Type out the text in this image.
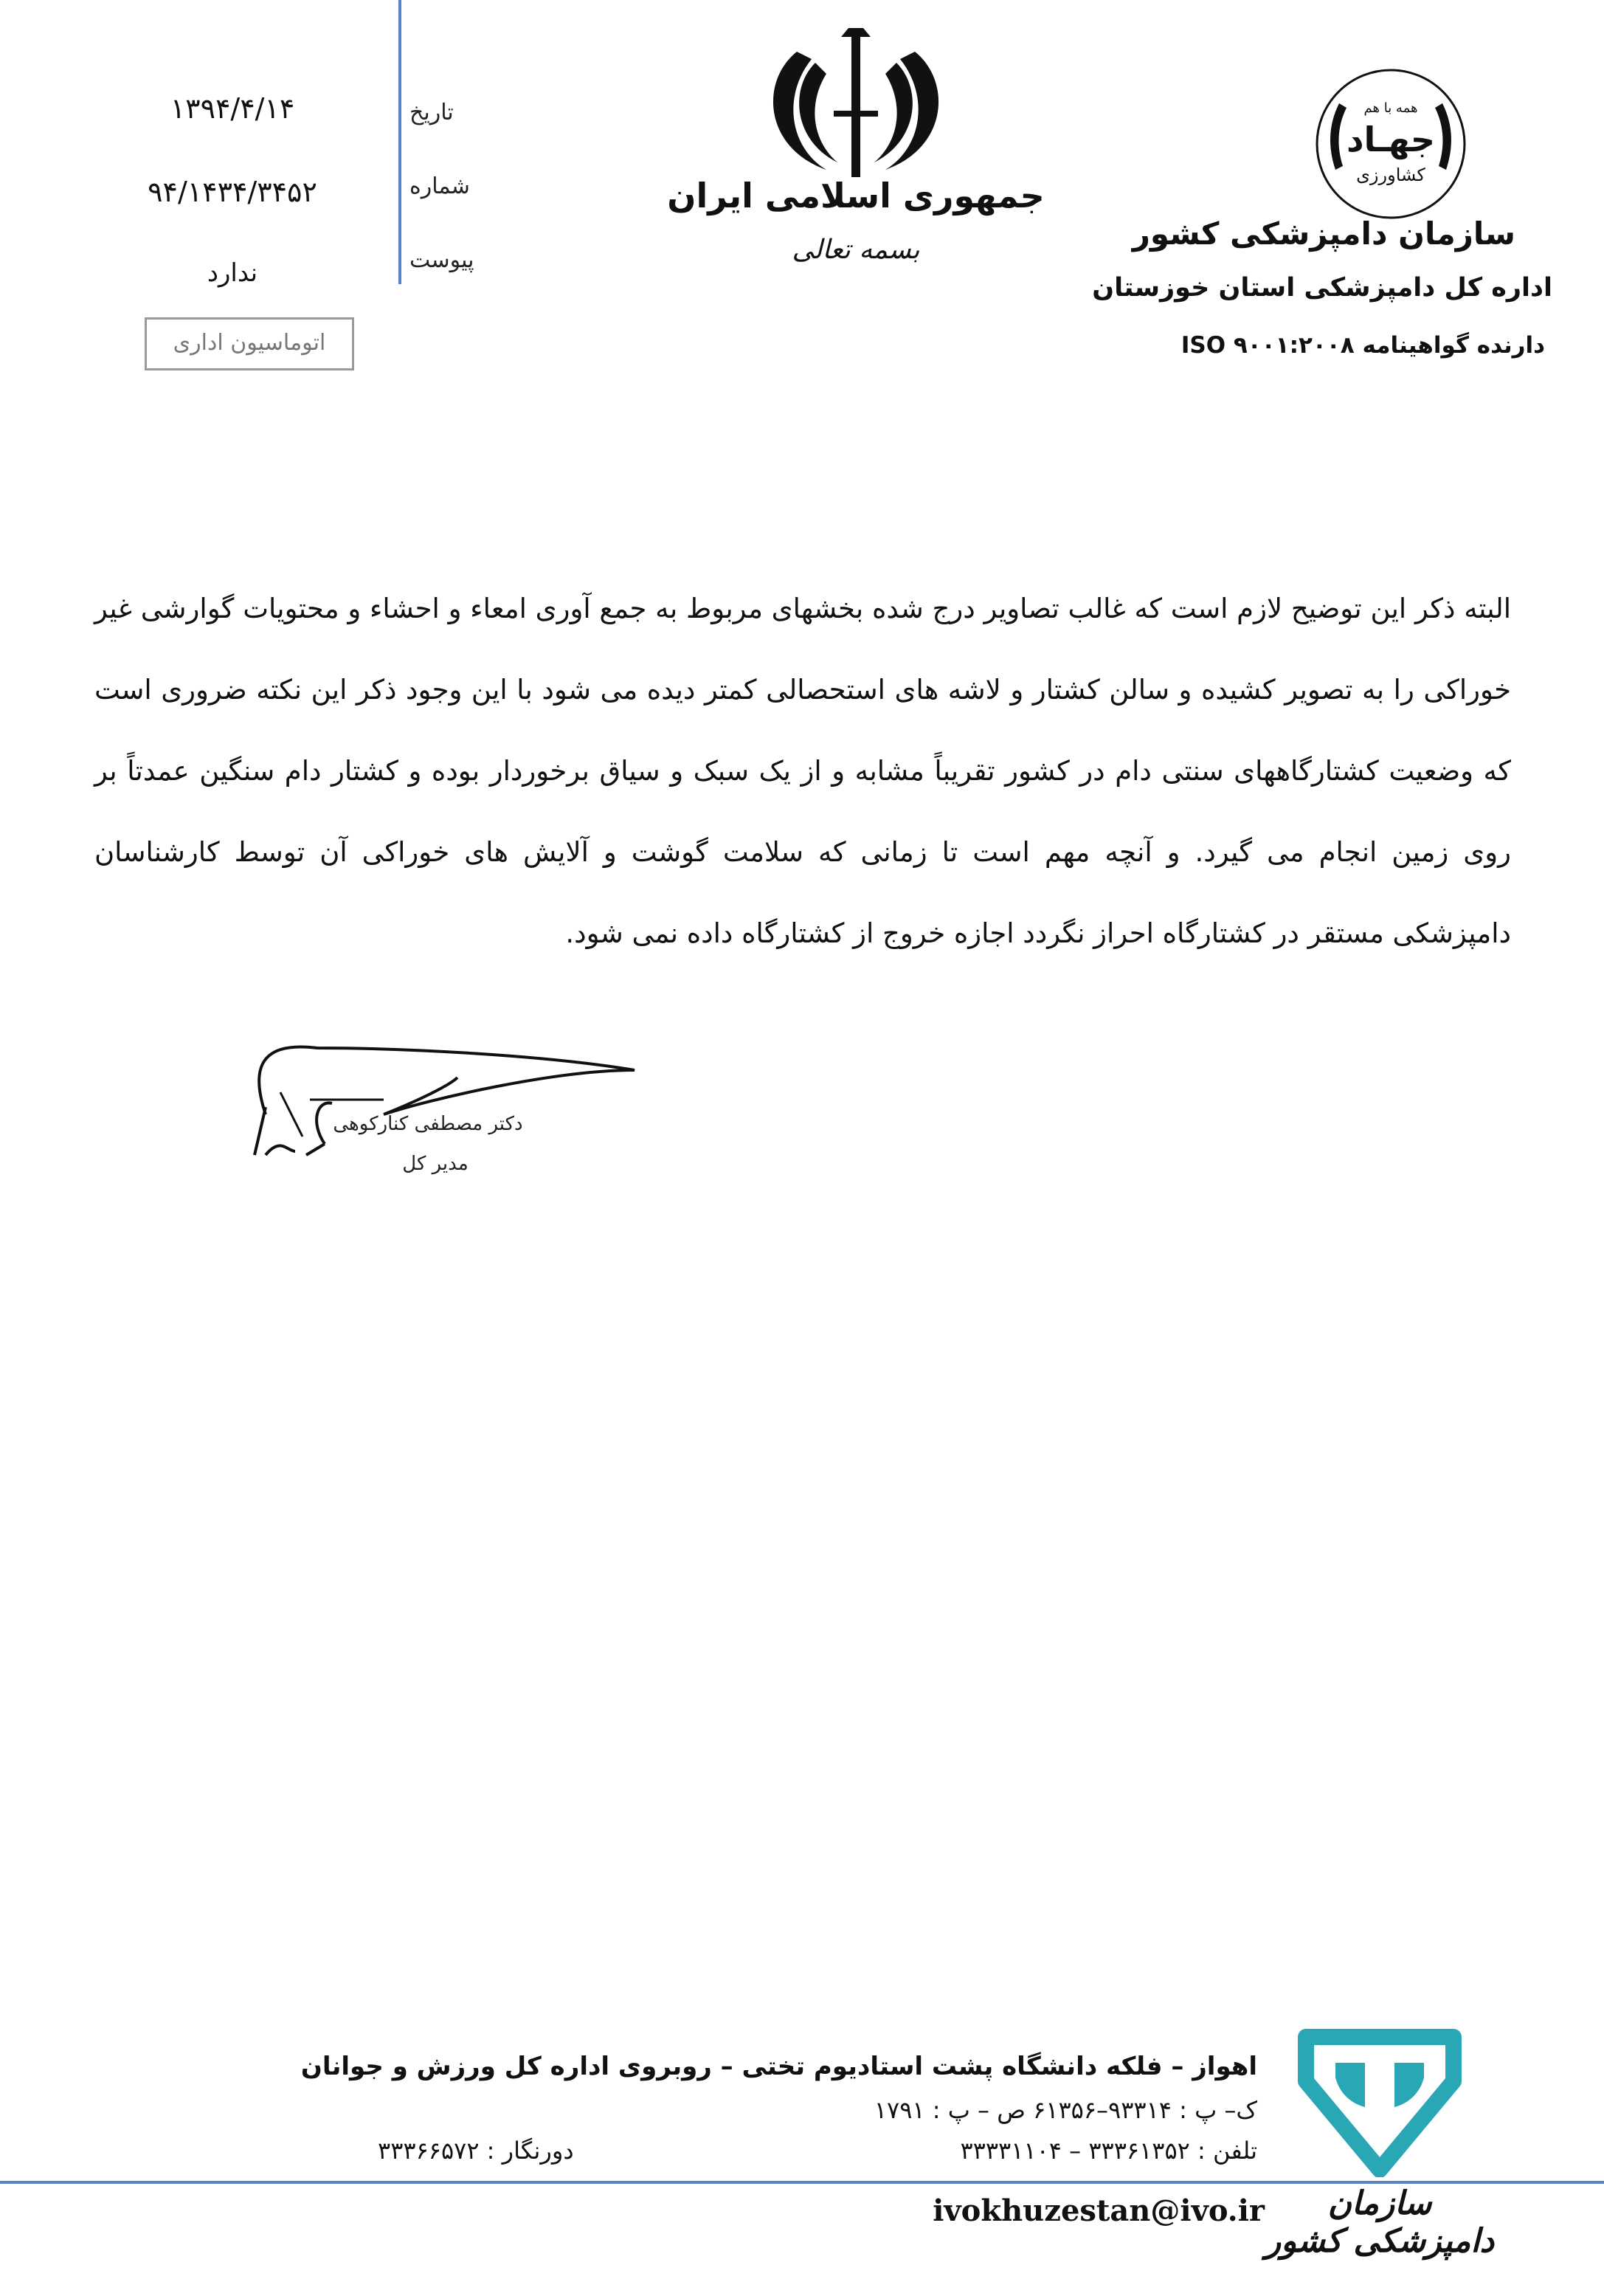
۱۳۹۴/۴/۱۴
۹۴/۱۴۳۴/۳۴۵۲
ندارد
تاریخ
شماره
پیوست
اتوماسیون اداری
جمهوری اسلامی ایران
بسمه تعالی
همه با هم
جهـاد
کشاورزی
سازمان دامپزشکی کشور
اداره کل دامپزشکی استان خوزستان
دارنده گواهینامه ISO ۹۰۰۱:۲۰۰۸

البته ذکر این توضیح لازم است که غالب تصاویر درج شده بخشهای مربوط به جمع آوری امعاء و احشاء و محتویات گوارشی غیر خوراکی را به تصویر کشیده و سالن کشتار و لاشه های استحصالی کمتر دیده می شود با این وجود ذکر این نکته ضروری است که وضعیت کشتارگاههای سنتی دام در کشور تقریباً مشابه و از یک سبک و سیاق برخوردار بوده و کشتار دام سنگین عمدتاً بر روی زمین انجام می گیرد. و آنچه مهم است تا زمانی که سلامت گوشت و آلایش های خوراکی آن توسط کارشناسان دامپزشکی مستقر در کشتارگاه احراز نگردد اجازه خروج از کشتارگاه داده نمی شود.

دکتر مصطفی کنارکوهی
مدیر کل
اهواز – فلکه دانشگاه پشت استادیوم تختی – روبروی اداره کل ورزش و جوانان
ک– پ : ۹۳۳۱۴–۶۱۳۵۶ ص – پ : ۱۷۹۱
تلفن : ۳۳۳۶۱۳۵۲ – ۳۳۳۳۱۱۰۴
دورنگار : ۳۳۳۶۶۵۷۲
ivokhuzestan@ivo.ir	سازمان دامپزشکی کشور
